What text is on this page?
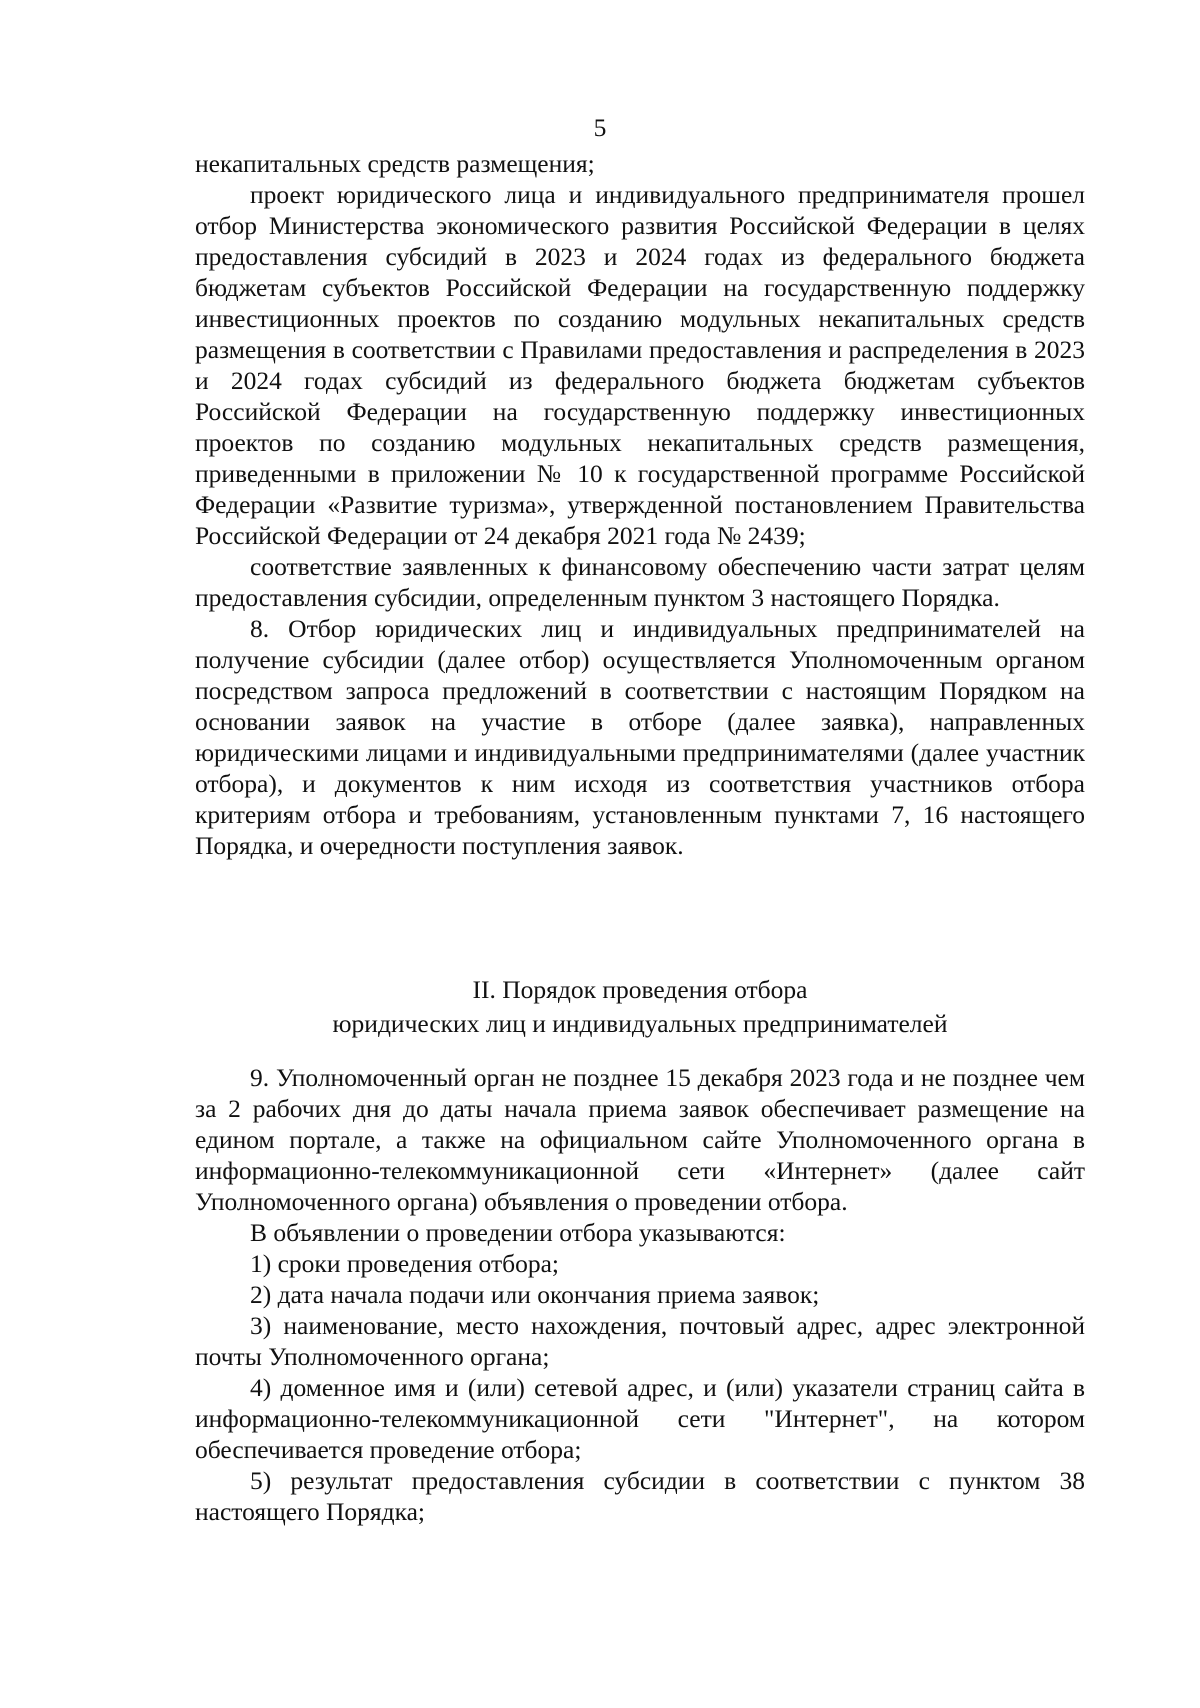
5

некапитальных средств размещения;

проект юридического лица и индивидуального предпринимателя прошел отбор Министерства экономического развития Российской Федерации в целях предоставления субсидий в 2023 и 2024 годах из федерального бюджета бюджетам субъектов Российской Федерации на государственную поддержку инвестиционных проектов по созданию модульных некапитальных средств размещения в соответствии с Правилами предоставления и распределения в 2023 и 2024 годах субсидий из федерального бюджета бюджетам субъектов Российской Федерации на государственную поддержку инвестиционных проектов по созданию модульных некапитальных средств размещения, приведенными в приложении № 10 к государственной программе Российской Федерации «Развитие туризма», утвержденной постановлением Правительства Российской Федерации от 24 декабря 2021 года № 2439;

соответствие заявленных к финансовому обеспечению части затрат целям предоставления субсидии, определенным пунктом 3 настоящего Порядка.

8. Отбор юридических лиц и индивидуальных предпринимателей на получение субсидии (далее отбор) осуществляется Уполномоченным органом посредством запроса предложений в соответствии с настоящим Порядком на основании заявок на участие в отборе (далее заявка), направленных юридическими лицами и индивидуальными предпринимателями (далее участник отбора), и документов к ним исходя из соответствия участников отбора критериям отбора и требованиям, установленным пунктами 7, 16 настоящего Порядка, и очередности поступления заявок.

II. Порядок проведения отбора
юридических лиц и индивидуальных предпринимателей

9. Уполномоченный орган не позднее 15 декабря 2023 года и не позднее чем за 2 рабочих дня до даты начала приема заявок обеспечивает размещение на едином портале, а также на официальном сайте Уполномоченного органа в информационно-телекоммуникационной сети «Интернет» (далее сайт Уполномоченного органа) объявления о проведении отбора.

В объявлении о проведении отбора указываются:

1) сроки проведения отбора;

2) дата начала подачи или окончания приема заявок;

3) наименование, место нахождения, почтовый адрес, адрес электронной почты Уполномоченного органа;

4) доменное имя и (или) сетевой адрес, и (или) указатели страниц сайта в информационно-телекоммуникационной сети "Интернет", на котором обеспечивается проведение отбора;

5) результат предоставления субсидии в соответствии с пунктом 38 настоящего Порядка;
